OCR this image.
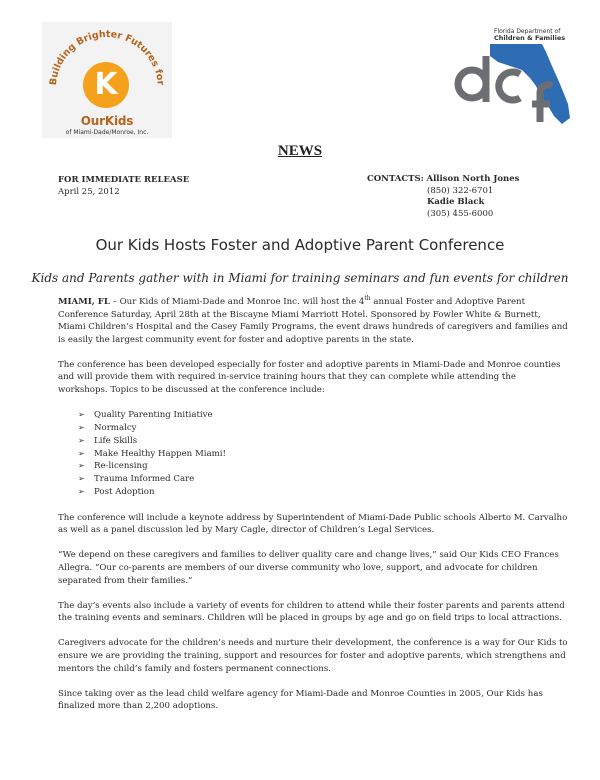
Building Brighter Futures for
K
OurKids
of Miami-Dade/Monroe, Inc.
Florida Department of
Children & Families
NEWS
FOR IMMEDIATE RELEASE
April 25, 2012
CONTACTS: Allison North Jones
(850) 322-6701
Kadie Black
(305) 455-6000
Our Kids Hosts Foster and Adoptive Parent Conference
Kids and Parents gather with in Miami for training seminars and fun events for children

MIAMI, FL – Our Kids of Miami-Dade and Monroe Inc. will host the 4th annual Foster and Adoptive Parent Conference Saturday, April 28th at the Biscayne Miami Marriott Hotel. Sponsored by Fowler White & Burnett, Miami Children’s Hospital and the Casey Family Programs, the event draws hundreds of caregivers and families and is easily the largest community event for foster and adoptive parents in the state.

The conference has been developed especially for foster and adoptive parents in Miami-Dade and Monroe counties and will provide them with required in-service training hours that they can complete while attending the workshops. Topics to be discussed at the conference include:

➢ Quality Parenting Initiative
➢ Normalcy
➢ Life Skills
➢ Make Healthy Happen Miami!
➢ Re-licensing
➢ Trauma Informed Care
➢ Post Adoption

The conference will include a keynote address by Superintendent of Miami-Dade Public schools Alberto M. Carvalho as well as a panel discussion led by Mary Cagle, director of Children’s Legal Services.

“We depend on these caregivers and families to deliver quality care and change lives,” said Our Kids CEO Frances Allegra. “Our co-parents are members of our diverse community who love, support, and advocate for children separated from their families.”

The day’s events also include a variety of events for children to attend while their foster parents and parents attend the training events and seminars. Children will be placed in groups by age and go on field trips to local attractions.

Caregivers advocate for the children’s needs and nurture their development, the conference is a way for Our Kids to ensure we are providing the training, support and resources for foster and adoptive parents, which strengthens and mentors the child’s family and fosters permanent connections.

Since taking over as the lead child welfare agency for Miami-Dade and Monroe Counties in 2005, Our Kids has finalized more than 2,200 adoptions.
